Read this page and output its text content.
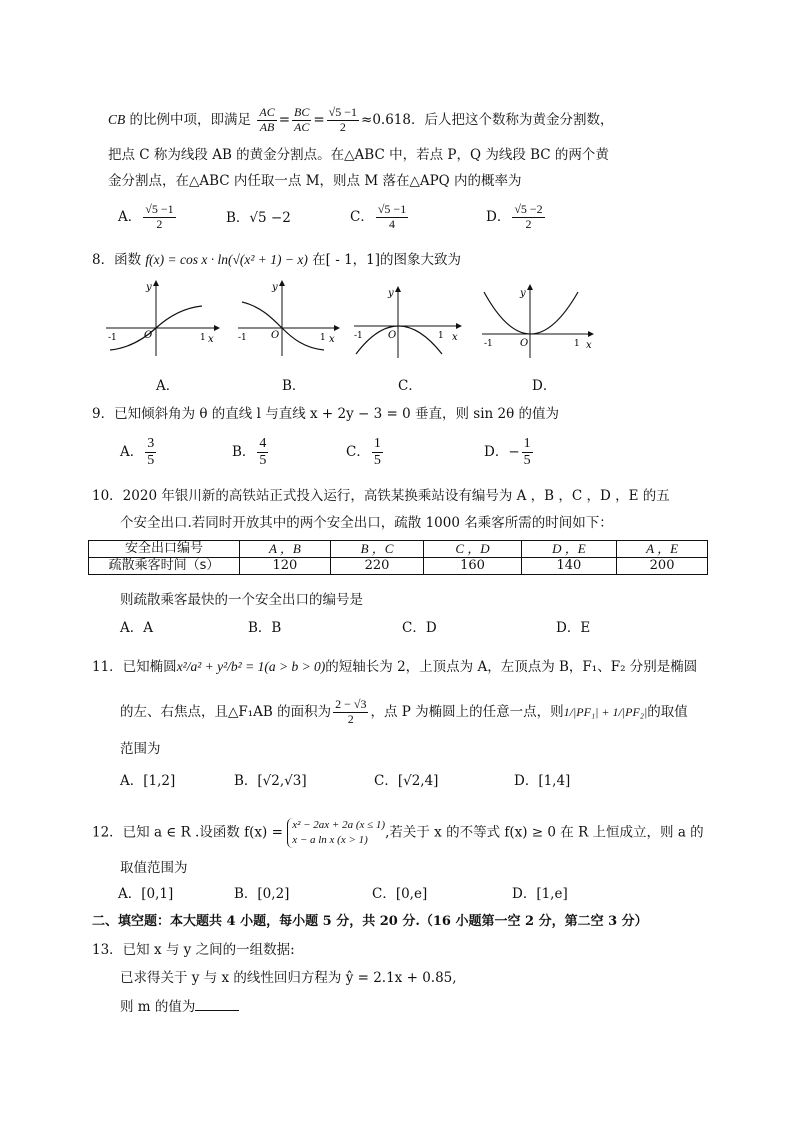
CB 的比例中项，即满足 $\frac{AC}{AB} = \frac{BC}{AC} = \frac{√5 -1}{2} \approx 0.618$．后人把这个数称为黄金分割数，
把点 C 称为线段 AB 的黄金分割点。在△ABC 中，若点 P，Q 为线段 BC 的两个黄
金分割点，在△ABC 内任取一点 M，则点 M 落在△APQ 内的概率为
A． $\frac{√5 -1}{2}$	B．√5 −2	C． $\frac{√5 -1}{4}$	D． $\frac{√5 -2}{2}$
8．函数 f(x) = cos x · ln(√(x² + 1) − x) 在[ - 1，1]的图象大致为
-1	1
O	x
y
-1	1
O	x
y
-1	1
O	x
y
-1	1
O	x
y
A．	B．	C．	D．
9．已知倾斜角为 θ 的直线 l 与直线 x + 2y − 3 = 0 垂直，则 sin 2θ 的值为
A． $\frac{3}{5}$	B． $\frac{4}{5}$	C． $\frac{1}{5}$	D．− $\frac{1}{5}$
10．2020 年银川新的高铁站正式投入运行，高铁某换乘站设有编号为 A ，B ，C ，D ，E 的五
个安全出口.若同时开放其中的两个安全出口，疏散 1000 名乘客所需的时间如下：
安全出口编号	A ，B	B ，C	C ，D	D ，E	A ，E
疏散乘客时间（s）	120	220	160	140	200
则疏散乘客最快的一个安全出口的编号是
A．A	B．B	C．D	D．E
11．已知椭圆x²/a² + y²/b² = 1(a > b > 0)的短轴长为 2，上顶点为 A，左顶点为 B，F₁、F₂ 分别是椭圆
的左、右焦点，且△F₁AB 的面积为 $\frac{2 - √3}{2}$ ，点 P 为椭圆上的任意一点，则1/|PF₁| + 1/|PF₂|的取值
范围为
A．[1,2]	B．[√2,√3]	C．[√2,4]	D．[1,4]
12．已知 a ∈ R .设函数 f(x) = x² − 2ax + 2a (x ≤ 1)
x − a ln x (x > 1)	,若关于 x 的不等式 f(x) ≥ 0 在 R 上恒成立，则 a 的
取值范围为
A．[0,1]	B．[0,2]	C．[0,e]	D．[1,e]
二、填空题：本大题共 4 小题，每小题 5 分，共 20 分.（16 小题第一空 2 分，第二空 3 分）
13．已知 x 与 y 之间的一组数据:
已求得关于 y 与 x 的线性回归方程为 ŷ = 2.1x + 0.85,
则 m 的值为
